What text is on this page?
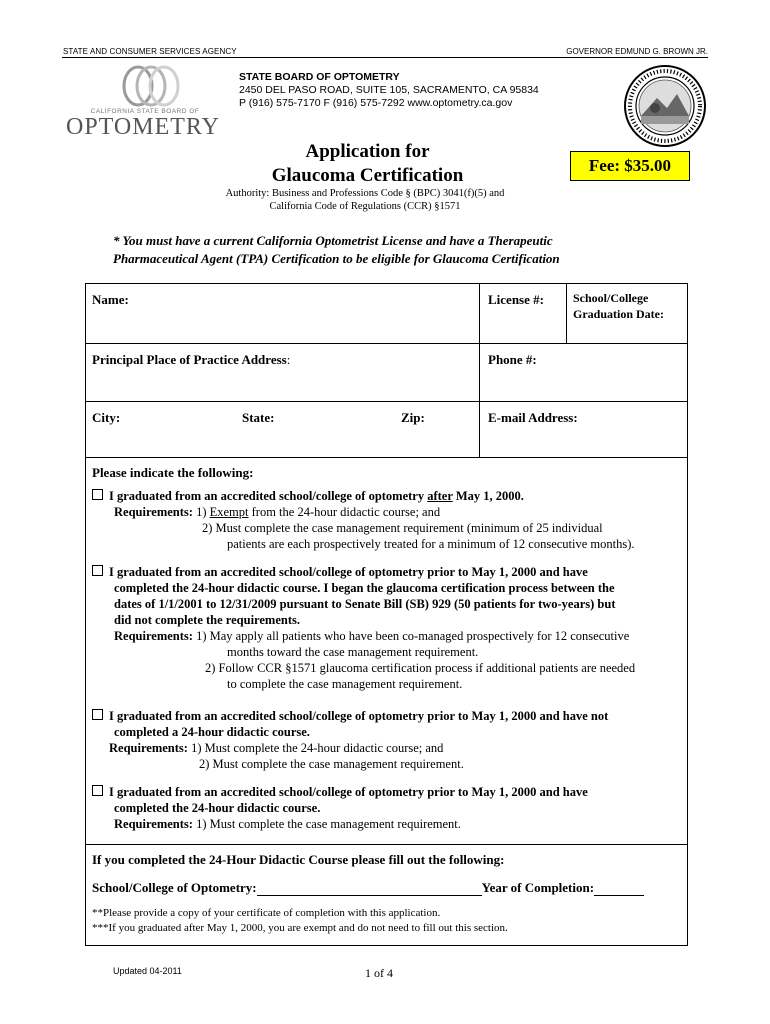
STATE AND CONSUMER SERVICES AGENCY	GOVERNOR EDMUND G. BROWN JR.
CALIFORNIA STATE BOARD OF
OPTOMETRY
STATE BOARD OF OPTOMETRY
2450 DEL PASO ROAD, SUITE 105, SACRAMENTO, CA 95834
P (916) 575-7170 F (916) 575-7292 www.optometry.ca.gov
Application for
Glaucoma Certification	Fee: $35.00
Authority: Business and Professions Code § (BPC) 3041(f)(5) and
California Code of Regulations (CCR) §1571
* You must have a current California Optometrist License and have a Therapeutic
Pharmaceutical Agent (TPA) Certification to be eligible for Glaucoma Certification
Name:	License #: School/College
Graduation Date:
Principal Place of Practice Address:	Phone #:
City:	State:	Zip:	E-mail Address:
Please indicate the following:
I graduated from an accredited school/college of optometry after May 1, 2000.
Requirements: 1) Exempt from the 24-hour didactic course; and
2) Must complete the case management requirement (minimum of 25 individual
patients are each prospectively treated for a minimum of 12 consecutive months).
I graduated from an accredited school/college of optometry prior to May 1, 2000 and have
completed the 24-hour didactic course. I began the glaucoma certification process between the
dates of 1/1/2001 to 12/31/2009 pursuant to Senate Bill (SB) 929 (50 patients for two-years) but
did not complete the requirements.
Requirements: 1) May apply all patients who have been co-managed prospectively for 12 consecutive
months toward the case management requirement.
2) Follow CCR §1571 glaucoma certification process if additional patients are needed
to complete the case management requirement.
I graduated from an accredited school/college of optometry prior to May 1, 2000 and have not
completed a 24-hour didactic course.
Requirements: 1) Must complete the 24-hour didactic course; and
2) Must complete the case management requirement.
I graduated from an accredited school/college of optometry prior to May 1, 2000 and have
completed the 24-hour didactic course.
Requirements: 1) Must complete the case management requirement.
If you completed the 24-Hour Didactic Course please fill out the following:
School/College of Optometry:	Year of Completion:
**Please provide a copy of your certificate of completion with this application.
***If you graduated after May 1, 2000, you are exempt and do not need to fill out this section.
Updated 04-2011	1 of 4
